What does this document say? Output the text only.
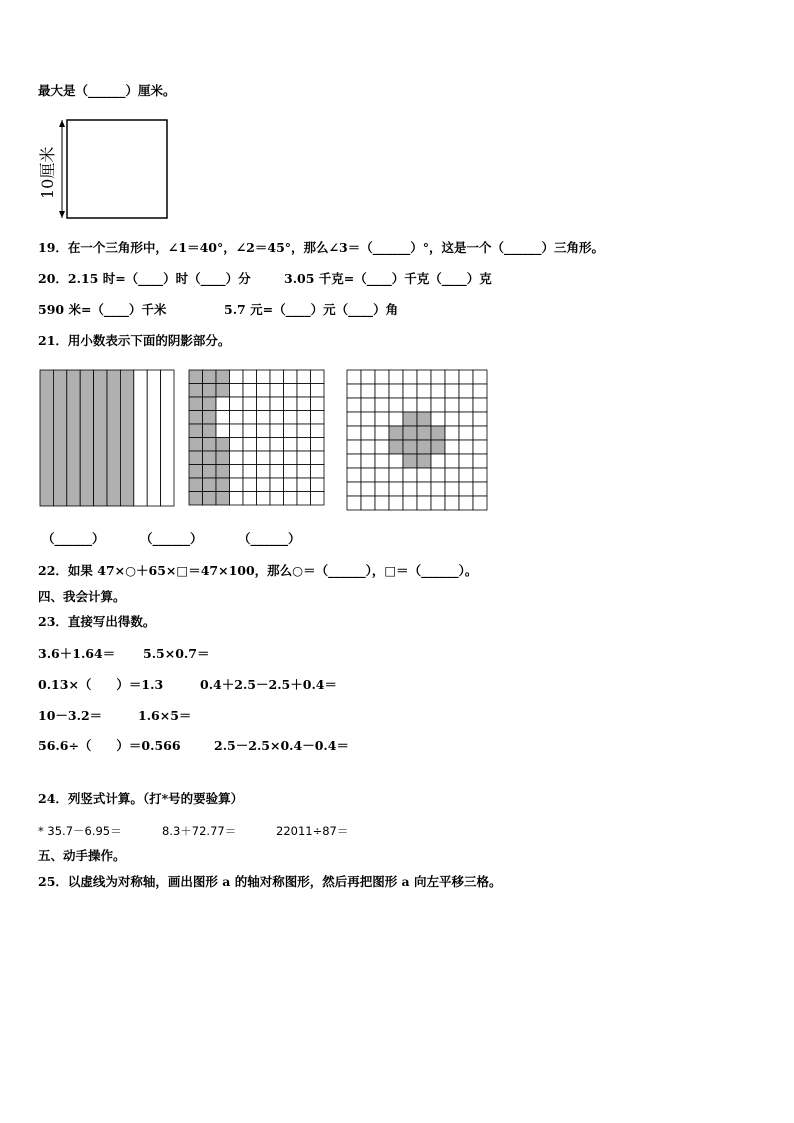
最大是（______）厘米。
10厘米
19．在一个三角形中，∠1＝40°，∠2＝45°，那么∠3＝（______）°，这是一个（______）三角形。
20．2.15 时=（____）时（____）分	3.05 千克=（____）千克（____）克
590 米=（____）千米	5.7 元=（____）元（____）角
21．用小数表示下面的阴影部分。
（______）	（______）	（______）
22．如果 47×○＋65×□＝47×100，那么○＝（______），□＝（______）。
四、我会计算。
23．直接写出得数。
3.6＋1.64＝ 5.5×0.7＝
0.13×（　　）＝1.3	0.4＋2.5－2.5＋0.4＝
10－3.2＝	1.6×5＝
56.6÷（　　）＝0.566	2.5－2.5×0.4－0.4＝
24．列竖式计算。（打*号的要验算）
* 35.7－6.95＝	8.3＋72.77＝	22011÷87＝
五、动手操作。
25．以虚线为对称轴，画出图形 a 的轴对称图形，然后再把图形 a 向左平移三格。
